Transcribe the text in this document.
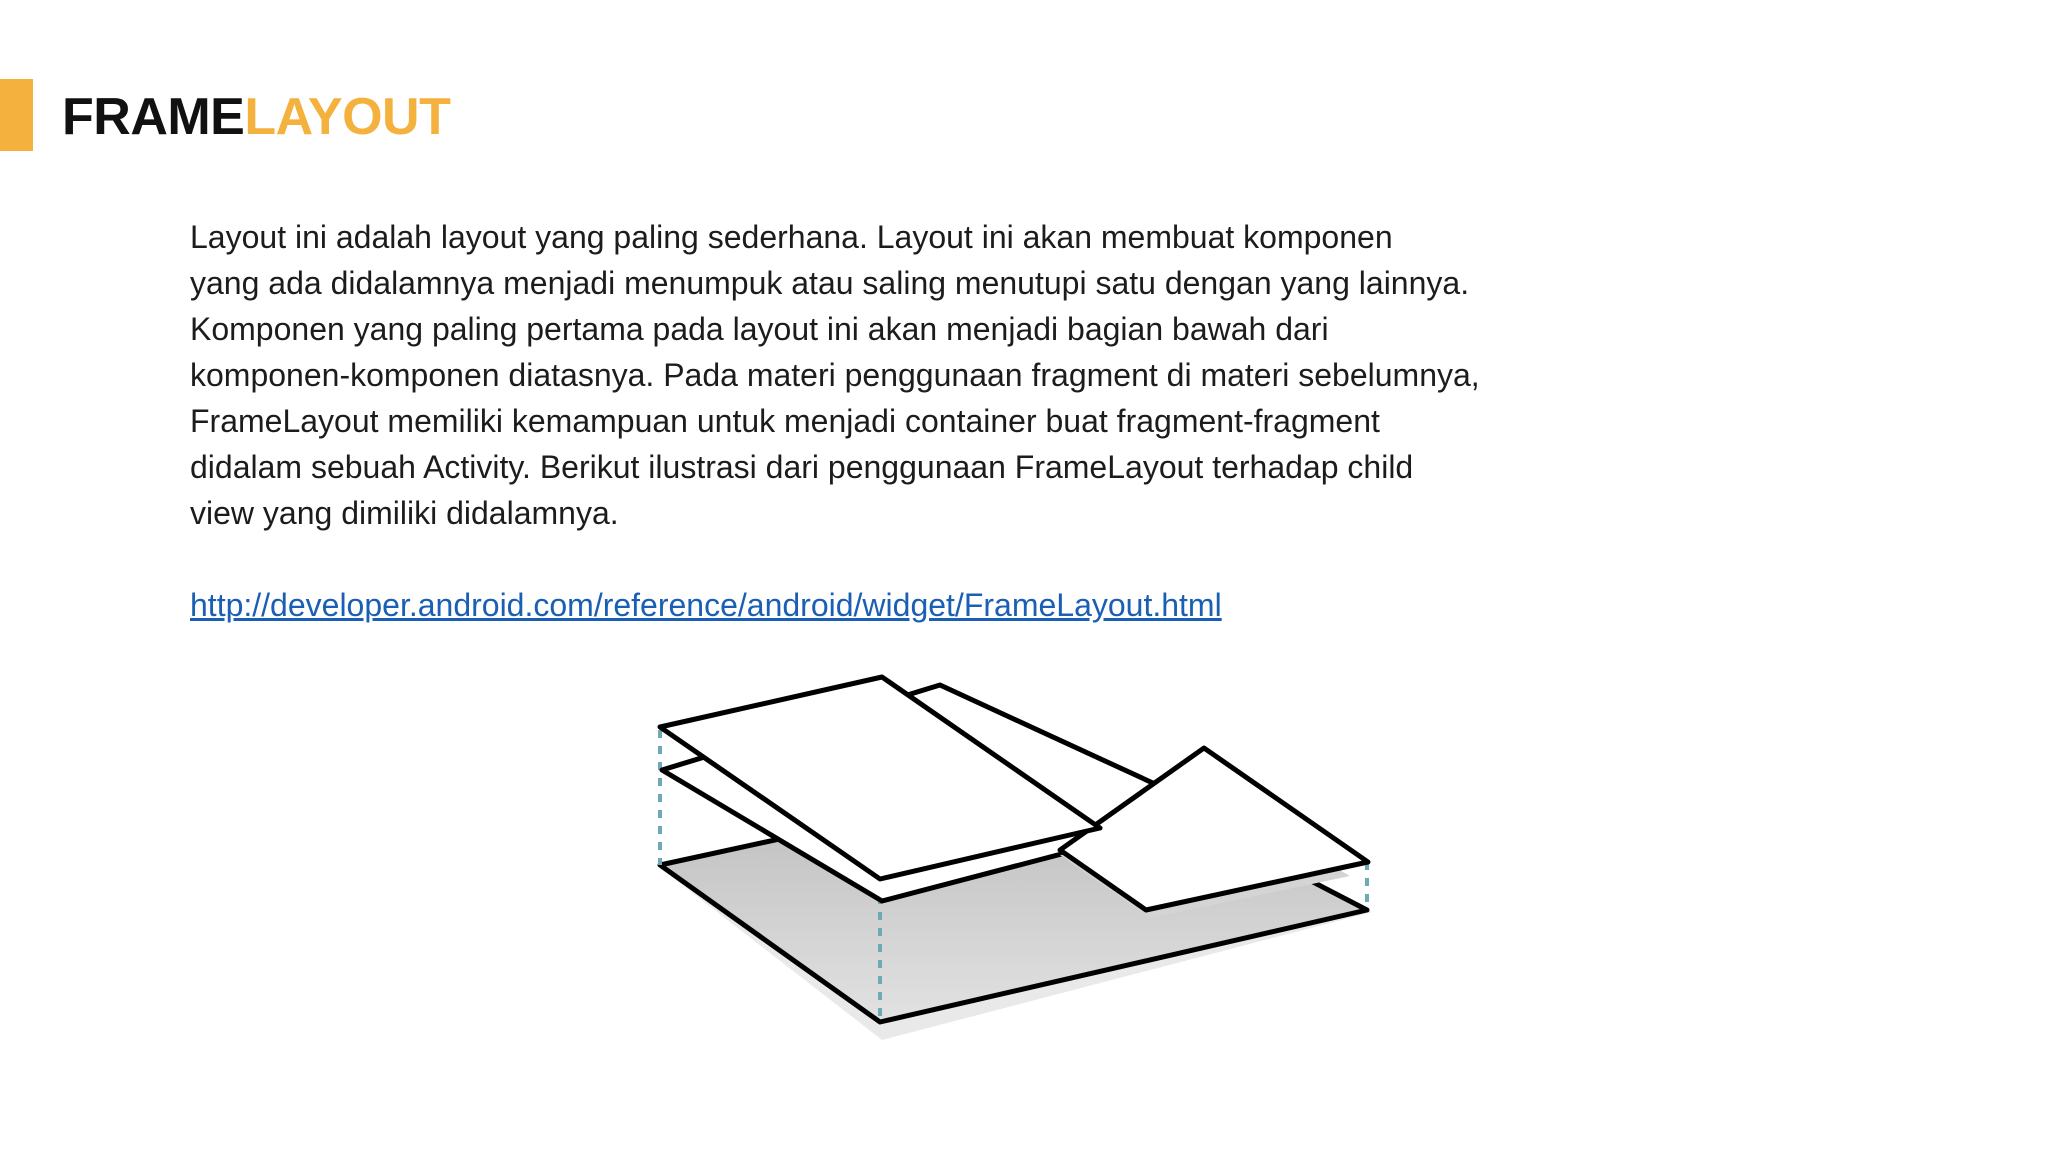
FRAMELAYOUT

Layout ini adalah layout yang paling sederhana. Layout ini akan membuat komponen
yang ada didalamnya menjadi menumpuk atau saling menutupi satu dengan yang lainnya.
Komponen yang paling pertama pada layout ini akan menjadi bagian bawah dari
komponen-komponen diatasnya. Pada materi penggunaan fragment di materi sebelumnya,
FrameLayout memiliki kemampuan untuk menjadi container buat fragment-fragment
didalam sebuah Activity. Berikut ilustrasi dari penggunaan FrameLayout terhadap child
view yang dimiliki didalamnya.

http://developer.android.com/reference/android/widget/FrameLayout.html
